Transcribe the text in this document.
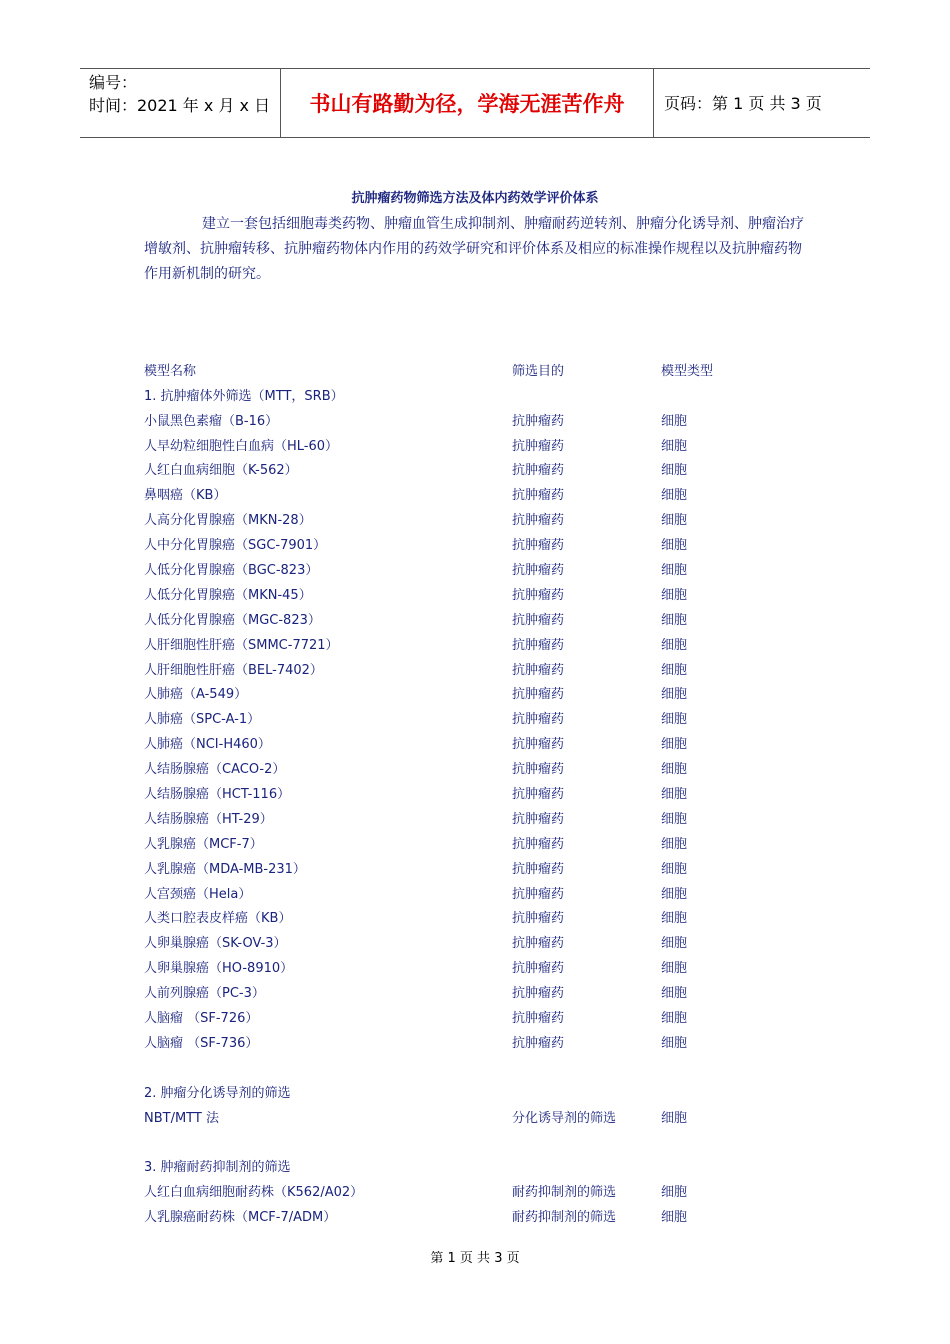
编号：
时间：2021 年 x 月 x 日	书山有路勤为径，学海无涯苦作舟	页码：第 1 页 共 3 页
抗肿瘤药物筛选方法及体内药效学评价体系
建立一套包括细胞毒类药物、肿瘤血管生成抑制剂、肿瘤耐药逆转剂、肿瘤分化诱导剂、肿瘤治疗增敏剂、抗肿瘤转移、抗肿瘤药物体内作用的药效学研究和评价体系及相应的标准操作规程以及抗肿瘤药物作用新机制的研究。
模型名称	筛选目的	模型类型
1. 抗肿瘤体外筛选（MTT，SRB）
小鼠黑色素瘤（B-16）	抗肿瘤药	细胞
人早幼粒细胞性白血病（HL-60）	抗肿瘤药	细胞
人红白血病细胞（K-562）	抗肿瘤药	细胞
鼻咽癌（KB）	抗肿瘤药	细胞
人高分化胃腺癌（MKN-28）	抗肿瘤药	细胞
人中分化胃腺癌（SGC-7901）	抗肿瘤药	细胞
人低分化胃腺癌（BGC-823）	抗肿瘤药	细胞
人低分化胃腺癌（MKN-45）	抗肿瘤药	细胞
人低分化胃腺癌（MGC-823）	抗肿瘤药	细胞
人肝细胞性肝癌（SMMC-7721）	抗肿瘤药	细胞
人肝细胞性肝癌（BEL-7402）	抗肿瘤药	细胞
人肺癌（A-549）	抗肿瘤药	细胞
人肺癌（SPC-A-1）	抗肿瘤药	细胞
人肺癌（NCI-H460）	抗肿瘤药	细胞
人结肠腺癌（CACO-2）	抗肿瘤药	细胞
人结肠腺癌（HCT-116）	抗肿瘤药	细胞
人结肠腺癌（HT-29）	抗肿瘤药	细胞
人乳腺癌（MCF-7）	抗肿瘤药	细胞
人乳腺癌（MDA-MB-231）	抗肿瘤药	细胞
人宫颈癌（Hela）	抗肿瘤药	细胞
人类口腔表皮样癌（KB）	抗肿瘤药	细胞
人卵巢腺癌（SK-OV-3）	抗肿瘤药	细胞
人卵巢腺癌（HO-8910）	抗肿瘤药	细胞
人前列腺癌（PC-3）	抗肿瘤药	细胞
人脑瘤 （SF-726）	抗肿瘤药	细胞
人脑瘤 （SF-736）	抗肿瘤药	细胞
2. 肿瘤分化诱导剂的筛选
NBT/MTT 法	分化诱导剂的筛选	细胞
3. 肿瘤耐药抑制剂的筛选
人红白血病细胞耐药株（K562/A02）	耐药抑制剂的筛选	细胞
人乳腺癌耐药株（MCF-7/ADM）	耐药抑制剂的筛选	细胞
第 1 页 共 3 页
